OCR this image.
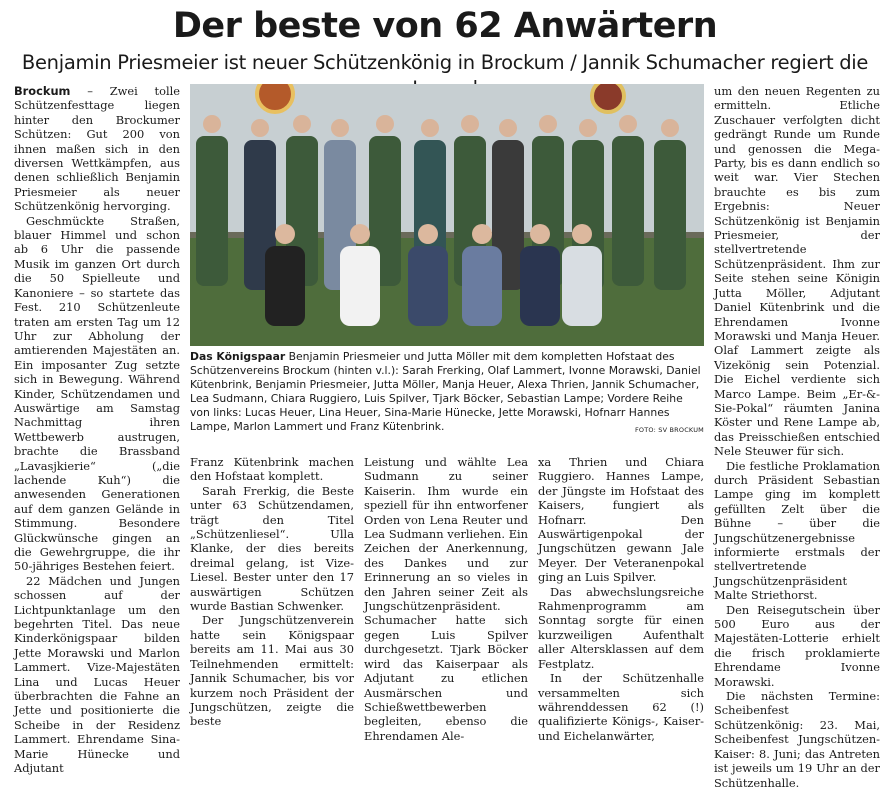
Der beste von 62 Anwärtern
Benjamin Priesmeier ist neuer Schützenkönig in Brockum / Jannik Schumacher regiert die

Brockum – Zwei tolle Schützenfesttage liegen hinter den Brockumer Schützen: Gut 200 von ihnen maßen sich in den diversen Wettkämpfen, aus denen schließlich Benjamin Priesmeier als neuer Schützenkönig hervorging.

Geschmückte Straßen, blauer Himmel und schon ab 6 Uhr die passende Musik im ganzen Ort durch die 50 Spielleute und Kanoniere – so startete das Fest. 210 Schützenleute traten am ersten Tag um 12 Uhr zur Abholung der amtierenden Majestäten an. Ein imposanter Zug setzte sich in Bewegung. Während Kinder, Schützendamen und Auswärtige am Samstag Nachmittag ihren Wettbewerb austrugen, brachte die Brassband „Lavasjkierie“ („die lachende Kuh“) die anwesenden Generationen auf dem ganzen Gelände in Stimmung. Besondere Glückwünsche gingen an die Gewehrgruppe, die ihr 50-jähriges Bestehen feiert.

22 Mädchen und Jungen schossen auf der Lichtpunktanlage um den begehrten Titel. Das neue Kinderkönigspaar bilden Jette Morawski und Marlon Lammert. Vize-Majestäten Lina und Lucas Heuer überbrachten die Fahne an Jette und positionierte die Scheibe in der Residenz Lammert. Ehrendame Sina-Marie Hünecke und Adjutant

Das Königspaar Benjamin Priesmeier und Jutta Möller mit dem kompletten Hofstaat des Schützenvereins Brockum (hinten v.l.): Sarah Frerking, Olaf Lammert, Ivonne Morawski, Daniel Kütenbrink, Benjamin Priesmeier, Jutta Möller, Manja Heuer, Alexa Thrien, Jannik Schumacher, Lea Sudmann, Chiara Ruggiero, Luis Spilver, Tjark Böcker, Sebastian Lampe; Vordere Reihe von links: Lucas Heuer, Lina Heuer, Sina-Marie Hünecke, Jette Morawski, Hofnarr Hannes Lampe, Marlon Lammert und Franz Kütenbrink.	FOTO: SV BROCKUM

Franz Kütenbrink machen den Hofstaat komplett.

Sarah Frerkig, die Beste unter 63 Schützendamen, trägt den Titel „Schützenliesel“. Ulla Klanke, der dies bereits dreimal gelang, ist Vize-Liesel. Bester unter den 17 auswärtigen Schützen wurde Bastian Schwenker.

Der Jungschützenverein hatte sein Königspaar bereits am 11. Mai aus 30 Teilnehmenden ermittelt: Jannik Schumacher, bis vor kurzem noch Präsident der Jungschützen, zeigte die beste

Leistung und wählte Lea Sudmann zu seiner Kaiserin. Ihm wurde ein speziell für ihn entworfener Orden von Lena Reuter und Lea Sudmann verliehen. Ein Zeichen der Anerkennung, des Dankes und zur Erinnerung an so vieles in den Jahren seiner Zeit als Jungschützenpräsident.

Schumacher hatte sich gegen Luis Spilver durchgesetzt. Tjark Böcker wird das Kaiserpaar als Adjutant zu etlichen Ausmärschen und Schießwettbewerben begleiten, ebenso die Ehrendamen Ale-

xa Thrien und Chiara Ruggiero. Hannes Lampe, der Jüngste im Hofstaat des Kaisers, fungiert als Hofnarr. Den Auswärtigenpokal der Jungschützen gewann Jale Meyer. Der Veteranenpokal ging an Luis Spilver.

Das abwechslungsreiche Rahmenprogramm am Sonntag sorgte für einen kurzweiligen Aufenthalt aller Altersklassen auf dem Festplatz.

In der Schützenhalle versammelten sich währenddessen 62 (!) qualifizierte Königs-, Kaiser- und Eichelanwärter,

um den neuen Regenten zu ermitteln. Etliche Zuschauer verfolgten dicht gedrängt Runde um Runde und genossen die Mega-Party, bis es dann endlich so weit war. Vier Stechen brauchte es bis zum Ergebnis: Neuer Schützenkönig ist Benjamin Priesmeier, der stellvertretende Schützenpräsident. Ihm zur Seite stehen seine Königin Jutta Möller, Adjutant Daniel Kütenbrink und die Ehrendamen Ivonne Morawski und Manja Heuer. Olaf Lammert zeigte als Vizekönig sein Potenzial. Die Eichel verdiente sich Marco Lampe. Beim „Er-&-Sie-Pokal“ räumten Janina Köster und Rene Lampe ab, das Preisschießen entschied Nele Steuwer für sich.

Die festliche Proklamation durch Präsident Sebastian Lampe ging im komplett gefüllten Zelt über die Bühne – über die Jungschützenergebnisse informierte erstmals der stellvertretende Jungschützenpräsident Malte Striethorst.

Den Reisegutschein über 500 Euro aus der Majestäten-Lotterie erhielt die frisch proklamierte Ehrendame Ivonne Morawski.

Die nächsten Termine: Scheibenfest Schützenkönig: 23. Mai, Scheibenfest Jungschützen-Kaiser: 8. Juni; das Antreten ist jeweils um 19 Uhr an der Schützenhalle.
